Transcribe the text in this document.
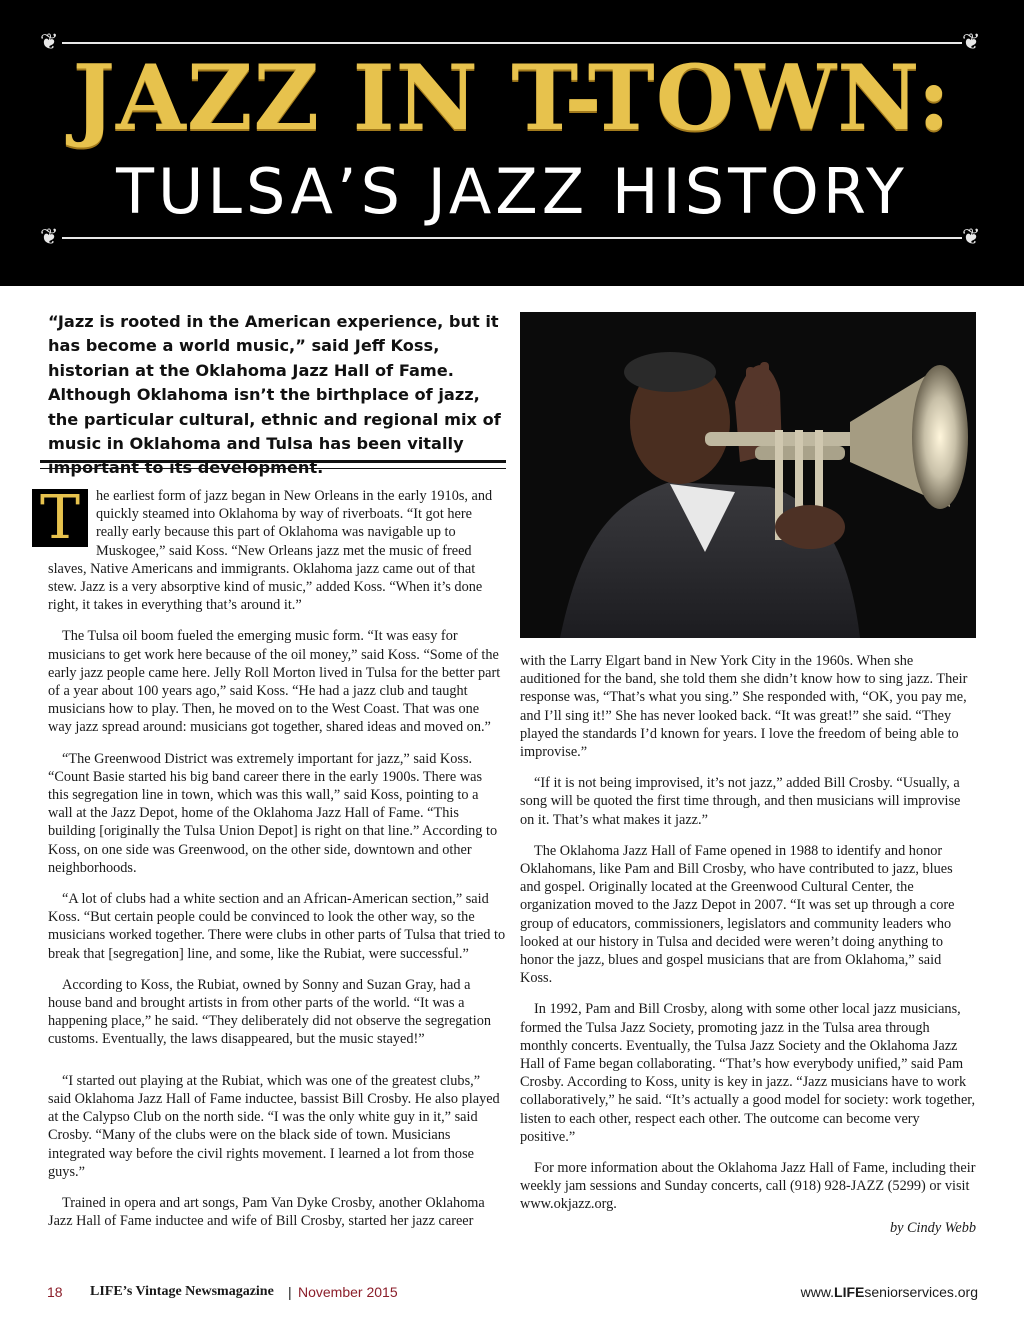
❦	❦
❦	❦
JAZZ IN T-TOWN:
TULSA’S JAZZ HISTORY

“Jazz is rooted in the American experience, but it has become a world music,” said Jeff Koss, historian at the Oklahoma Jazz Hall of Fame. Although Oklahoma isn’t the birthplace of jazz, the particular cultural, ethnic and regional mix of music in Oklahoma and Tulsa has been vitally important to its development.

T	he earliest form of jazz began in New Orleans in the early 1910s, and quickly steamed into Oklahoma by way of riverboats. “It got here really early because this part of Oklahoma was navigable up to Muskogee,” said Koss. “New Orleans jazz met the music of freed slaves, Native Americans and immigrants. Oklahoma jazz came out of that stew. Jazz is a very absorptive kind of music,” added Koss. “When it’s done right, it takes in everything that’s around it.”

The Tulsa oil boom fueled the emerging music form. “It was easy for musicians to get work here because of the oil money,” said Koss. “Some of the early jazz people came here. Jelly Roll Morton lived in Tulsa for the better part of a year about 100 years ago,” said Koss. “He had a jazz club and taught musicians how to play. Then, he moved on to the West Coast. That was one way jazz spread around: musicians got together, shared ideas and moved on.”

“The Greenwood District was extremely important for jazz,” said Koss. “Count Basie started his big band career there in the early 1900s. There was this segregation line in town, which was this wall,” said Koss, pointing to a wall at the Jazz Depot, home of the Oklahoma Jazz Hall of Fame. “This building [originally the Tulsa Union Depot] is right on that line.” According to Koss, on one side was Greenwood, on the other side, downtown and other neighborhoods.

“A lot of clubs had a white section and an African-American section,” said Koss. “But certain people could be convinced to look the other way, so the musicians worked together. There were clubs in other parts of Tulsa that tried to break that [segregation] line, and some, like the Rubiat, were successful.”

According to Koss, the Rubiat, owned by Sonny and Suzan Gray, had a house band and brought artists in from other parts of the world. “It was a happening place,” he said. “They deliberately did not observe the segregation customs. Eventually, the laws disappeared, but the music stayed!”

“I started out playing at the Rubiat, which was one of the greatest clubs,” said Oklahoma Jazz Hall of Fame inductee, bassist Bill Crosby. He also played at the Calypso Club on the north side. “I was the only white guy in it,” said Crosby. “Many of the clubs were on the black side of town. Musicians integrated way before the civil rights movement. I learned a lot from those guys.”

Trained in opera and art songs, Pam Van Dyke Crosby, another Oklahoma Jazz Hall of Fame inductee and wife of Bill Crosby, started her jazz career

with the Larry Elgart band in New York City in the 1960s. When she auditioned for the band, she told them she didn’t know how to sing jazz. Their response was, “That’s what you sing.” She responded with, “OK, you pay me, and I’ll sing it!” She has never looked back. “It was great!” she said. “They played the standards I’d known for years. I love the freedom of being able to improvise.”

“If it is not being improvised, it’s not jazz,” added Bill Crosby. “Usually, a song will be quoted the first time through, and then musicians will improvise on it. That’s what makes it jazz.”

The Oklahoma Jazz Hall of Fame opened in 1988 to identify and honor Oklahomans, like Pam and Bill Crosby, who have contributed to jazz, blues and gospel. Originally located at the Greenwood Cultural Center, the organization moved to the Jazz Depot in 2007. “It was set up through a core group of educators, commissioners, legislators and community leaders who looked at our history in Tulsa and decided were weren’t doing anything to honor the jazz, blues and gospel musicians that are from Oklahoma,” said Koss.

In 1992, Pam and Bill Crosby, along with some other local jazz musicians, formed the Tulsa Jazz Society, promoting jazz in the Tulsa area through monthly concerts. Eventually, the Tulsa Jazz Society and the Oklahoma Jazz Hall of Fame began collaborating. “That’s how everybody unified,” said Pam Crosby. According to Koss, unity is key in jazz. “Jazz musicians have to work collaboratively,” he said. “It’s actually a good model for society: work together, listen to each other, respect each other. The outcome can become very positive.”

For more information about the Oklahoma Jazz Hall of Fame, including their weekly jam sessions and Sunday concerts, call (918) 928-JAZZ (5299) or visit www.okjazz.org.

by Cindy Webb
18 LIFE’s Vintage Newsmagazine | November 2015	www.LIFEseniorservices.org
